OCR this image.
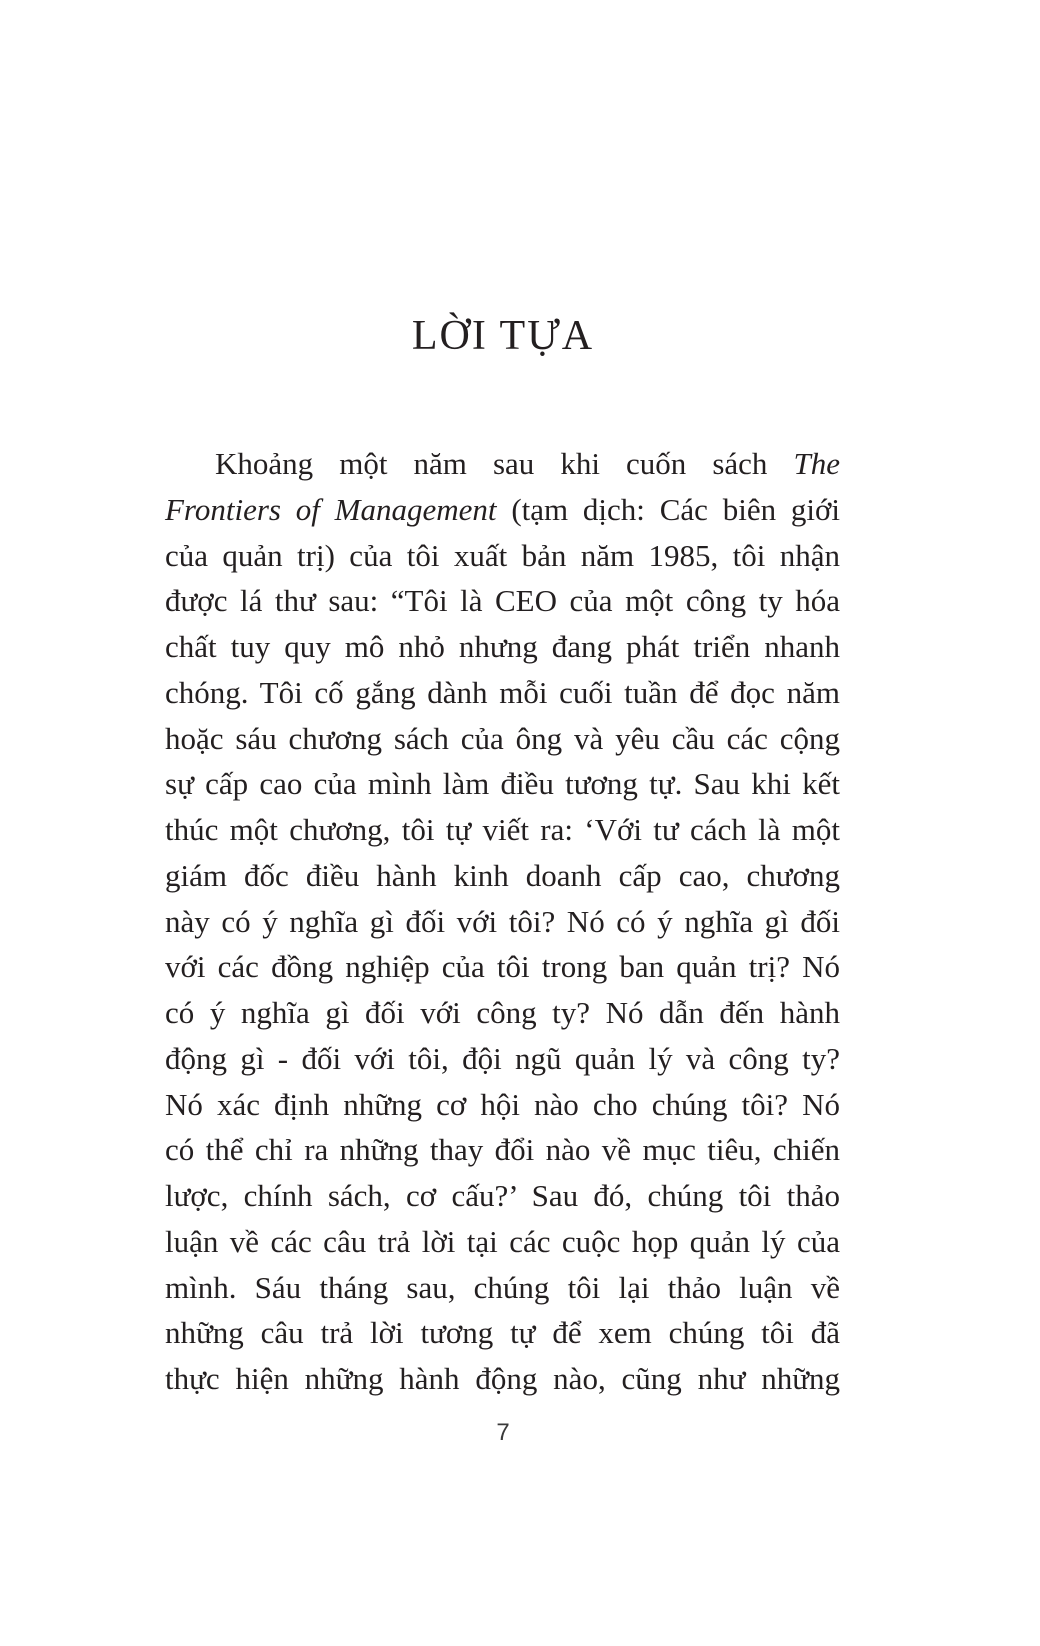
LỜI TỰA
Khoảng một năm sau khi cuốn sách The
Frontiers of Management (tạm dịch: Các biên giới
của quản trị) của tôi xuất bản năm 1985, tôi nhận
được lá thư sau: “Tôi là CEO của một công ty hóa
chất tuy quy mô nhỏ nhưng đang phát triển nhanh
chóng. Tôi cố gắng dành mỗi cuối tuần để đọc năm
hoặc sáu chương sách của ông và yêu cầu các cộng
sự cấp cao của mình làm điều tương tự. Sau khi kết
thúc một chương, tôi tự viết ra: ‘Với tư cách là một
giám đốc điều hành kinh doanh cấp cao, chương
này có ý nghĩa gì đối với tôi? Nó có ý nghĩa gì đối
với các đồng nghiệp của tôi trong ban quản trị? Nó
có ý nghĩa gì đối với công ty? Nó dẫn đến hành
động gì - đối với tôi, đội ngũ quản lý và công ty?
Nó xác định những cơ hội nào cho chúng tôi? Nó
có thể chỉ ra những thay đổi nào về mục tiêu, chiến
lược, chính sách, cơ cấu?’ Sau đó, chúng tôi thảo
luận về các câu trả lời tại các cuộc họp quản lý của
mình. Sáu tháng sau, chúng tôi lại thảo luận về
những câu trả lời tương tự để xem chúng tôi đã
thực hiện những hành động nào, cũng như những
7
